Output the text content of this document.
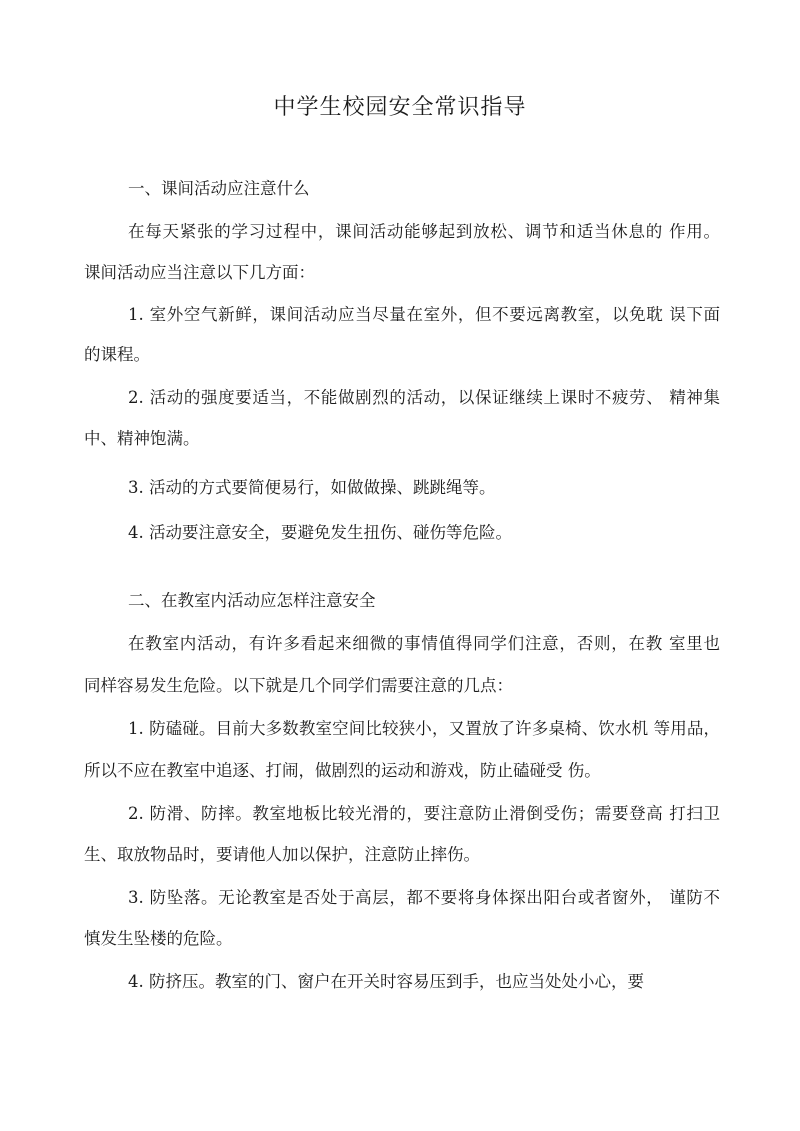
中学生校园安全常识指导
一、课间活动应注意什么
在每天紧张的学习过程中，课间活动能够起到放松、调节和适当休息的 作用。
课间活动应当注意以下几方面：
1. 室外空气新鲜，课间活动应当尽量在室外，但不要远离教室，以免耽 误下面
的课程。
2. 活动的强度要适当，不能做剧烈的活动，以保证继续上课时不疲劳、 精神集
中、精神饱满。
3. 活动的方式要简便易行，如做做操、跳跳绳等。
4. 活动要注意安全，要避免发生扭伤、碰伤等危险。
二、在教室内活动应怎样注意安全
在教室内活动，有许多看起来细微的事情值得同学们注意，否则，在教 室里也
同样容易发生危险。以下就是几个同学们需要注意的几点：
1. 防磕碰。目前大多数教室空间比较狭小，又置放了许多桌椅、饮水机 等用品，
所以不应在教室中追逐、打闹，做剧烈的运动和游戏，防止磕碰受 伤。
2. 防滑、防摔。教室地板比较光滑的，要注意防止滑倒受伤；需要登高 打扫卫
生、取放物品时，要请他人加以保护，注意防止摔伤。
3. 防坠落。无论教室是否处于高层，都不要将身体探出阳台或者窗外， 谨防不
慎发生坠楼的危险。
4. 防挤压。教室的门、窗户在开关时容易压到手，也应当处处小心，要
